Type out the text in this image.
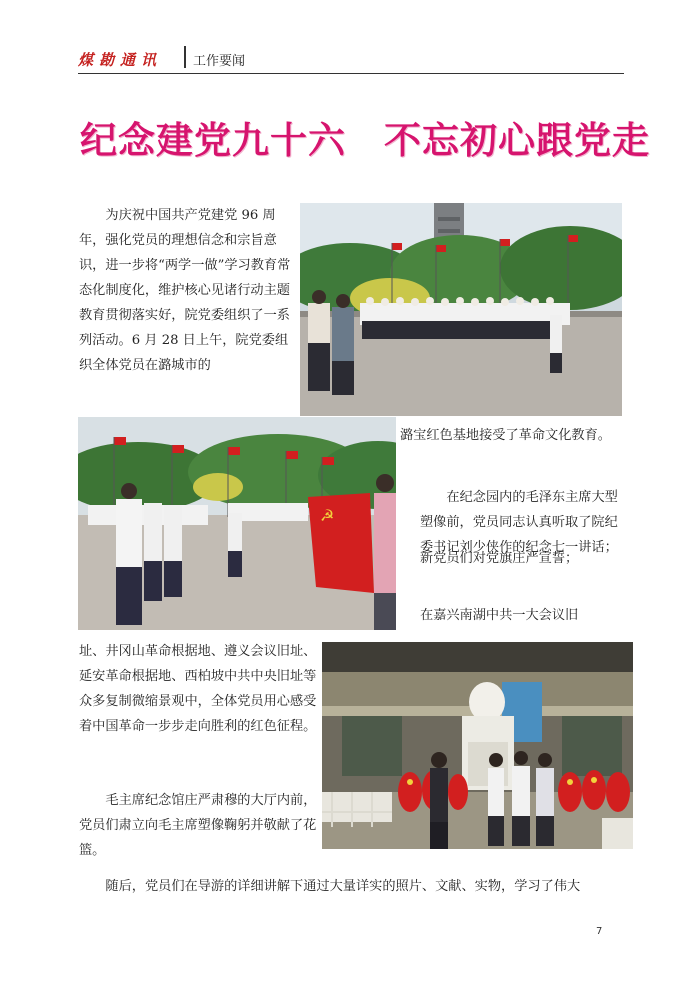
煤勘通讯 工作要闻
纪念建党九十六　不忘初心跟党走

为庆祝中国共产党建党 96 周年，强化党员的理想信念和宗旨意识，进一步将“两学一做”学习教育常态化制度化，维护核心见诸行动主题教育贯彻落实好，院党委组织了一系列活动。6 月 28 日上午，院党委组织全体党员在潞城市的

☭

潞宝红色基地接受了革命文化教育。

在纪念园内的毛泽东主席大型塑像前，党员同志认真听取了院纪委书记刘少侠作的纪念七一讲话；

新党员们对党旗庄严宣誓；

在嘉兴南湖中共一大会议旧

址、井冈山革命根据地、遵义会议旧址、延安革命根据地、西柏坡中共中央旧址等众多复制微缩景观中，全体党员用心感受着中国革命一步步走向胜利的红色征程。

毛主席纪念馆庄严肃穆的大厅内前，党员们肃立向毛主席塑像鞠躬并敬献了花篮。

随后，党员们在导游的详细讲解下通过大量详实的照片、文献、实物，学习了伟大

7
